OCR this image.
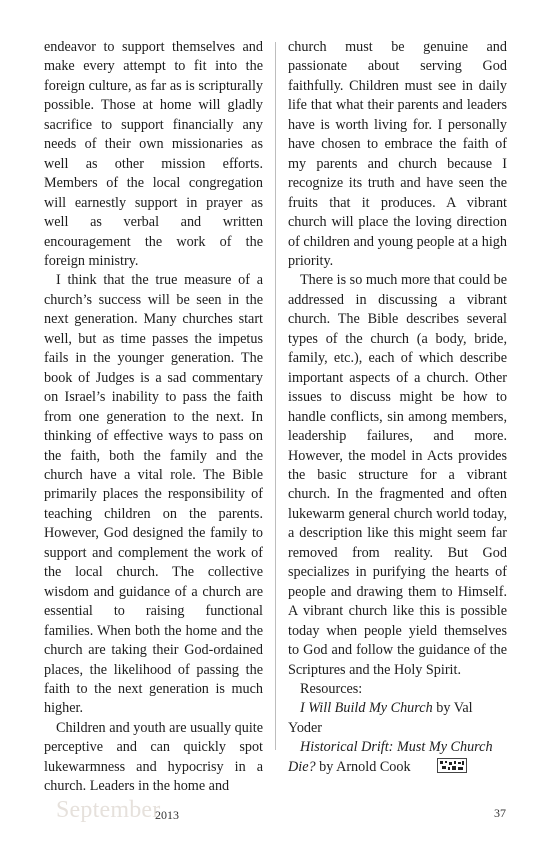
endeavor to support themselves and make every attempt to fit into the foreign culture, as far as is scripturally possible. Those at home will gladly sacrifice to support financially any needs of their own missionaries as well as other mission efforts. Members of the local congregation will earnestly support in prayer as well as verbal and written encouragement the work of the foreign ministry.

I think that the true measure of a church’s success will be seen in the next generation. Many churches start well, but as time passes the impetus fails in the younger generation. The book of Judges is a sad commentary on Israel’s inability to pass the faith from one generation to the next. In thinking of effective ways to pass on the faith, both the family and the church have a vital role. The Bible primarily places the responsibility of teaching children on the parents. However, God designed the family to support and complement the work of the local church. The collective wisdom and guidance of a church are essential to raising functional families. When both the home and the church are taking their God-ordained places, the likelihood of passing the faith to the next generation is much higher.

Children and youth are usually quite perceptive and can quickly spot lukewarmness and hypocrisy in a church. Leaders in the home and

church must be genuine and passionate about serving God faithfully. Children must see in daily life that what their parents and leaders have is worth living for. I personally have chosen to embrace the faith of my parents and church because I recognize its truth and have seen the fruits that it produces. A vibrant church will place the loving direction of children and young people at a high priority.

There is so much more that could be addressed in discussing a vibrant church. The Bible describes several types of the church (a body, bride, family, etc.), each of which describe important aspects of a church. Other issues to discuss might be how to handle conflicts, sin among members, leadership failures, and more. However, the model in Acts provides the basic structure for a vibrant church. In the fragmented and often lukewarm general church world today, a description like this might seem far removed from reality. But God specializes in purifying the hearts of people and drawing them to Himself. A vibrant church like this is possible today when people yield themselves to God and follow the guidance of the Scriptures and the Holy Spirit.

Resources:

I Will Build My Church by Val Yoder

Historical Drift: Must My Church Die? by Arnold Cook

September
2013	37
